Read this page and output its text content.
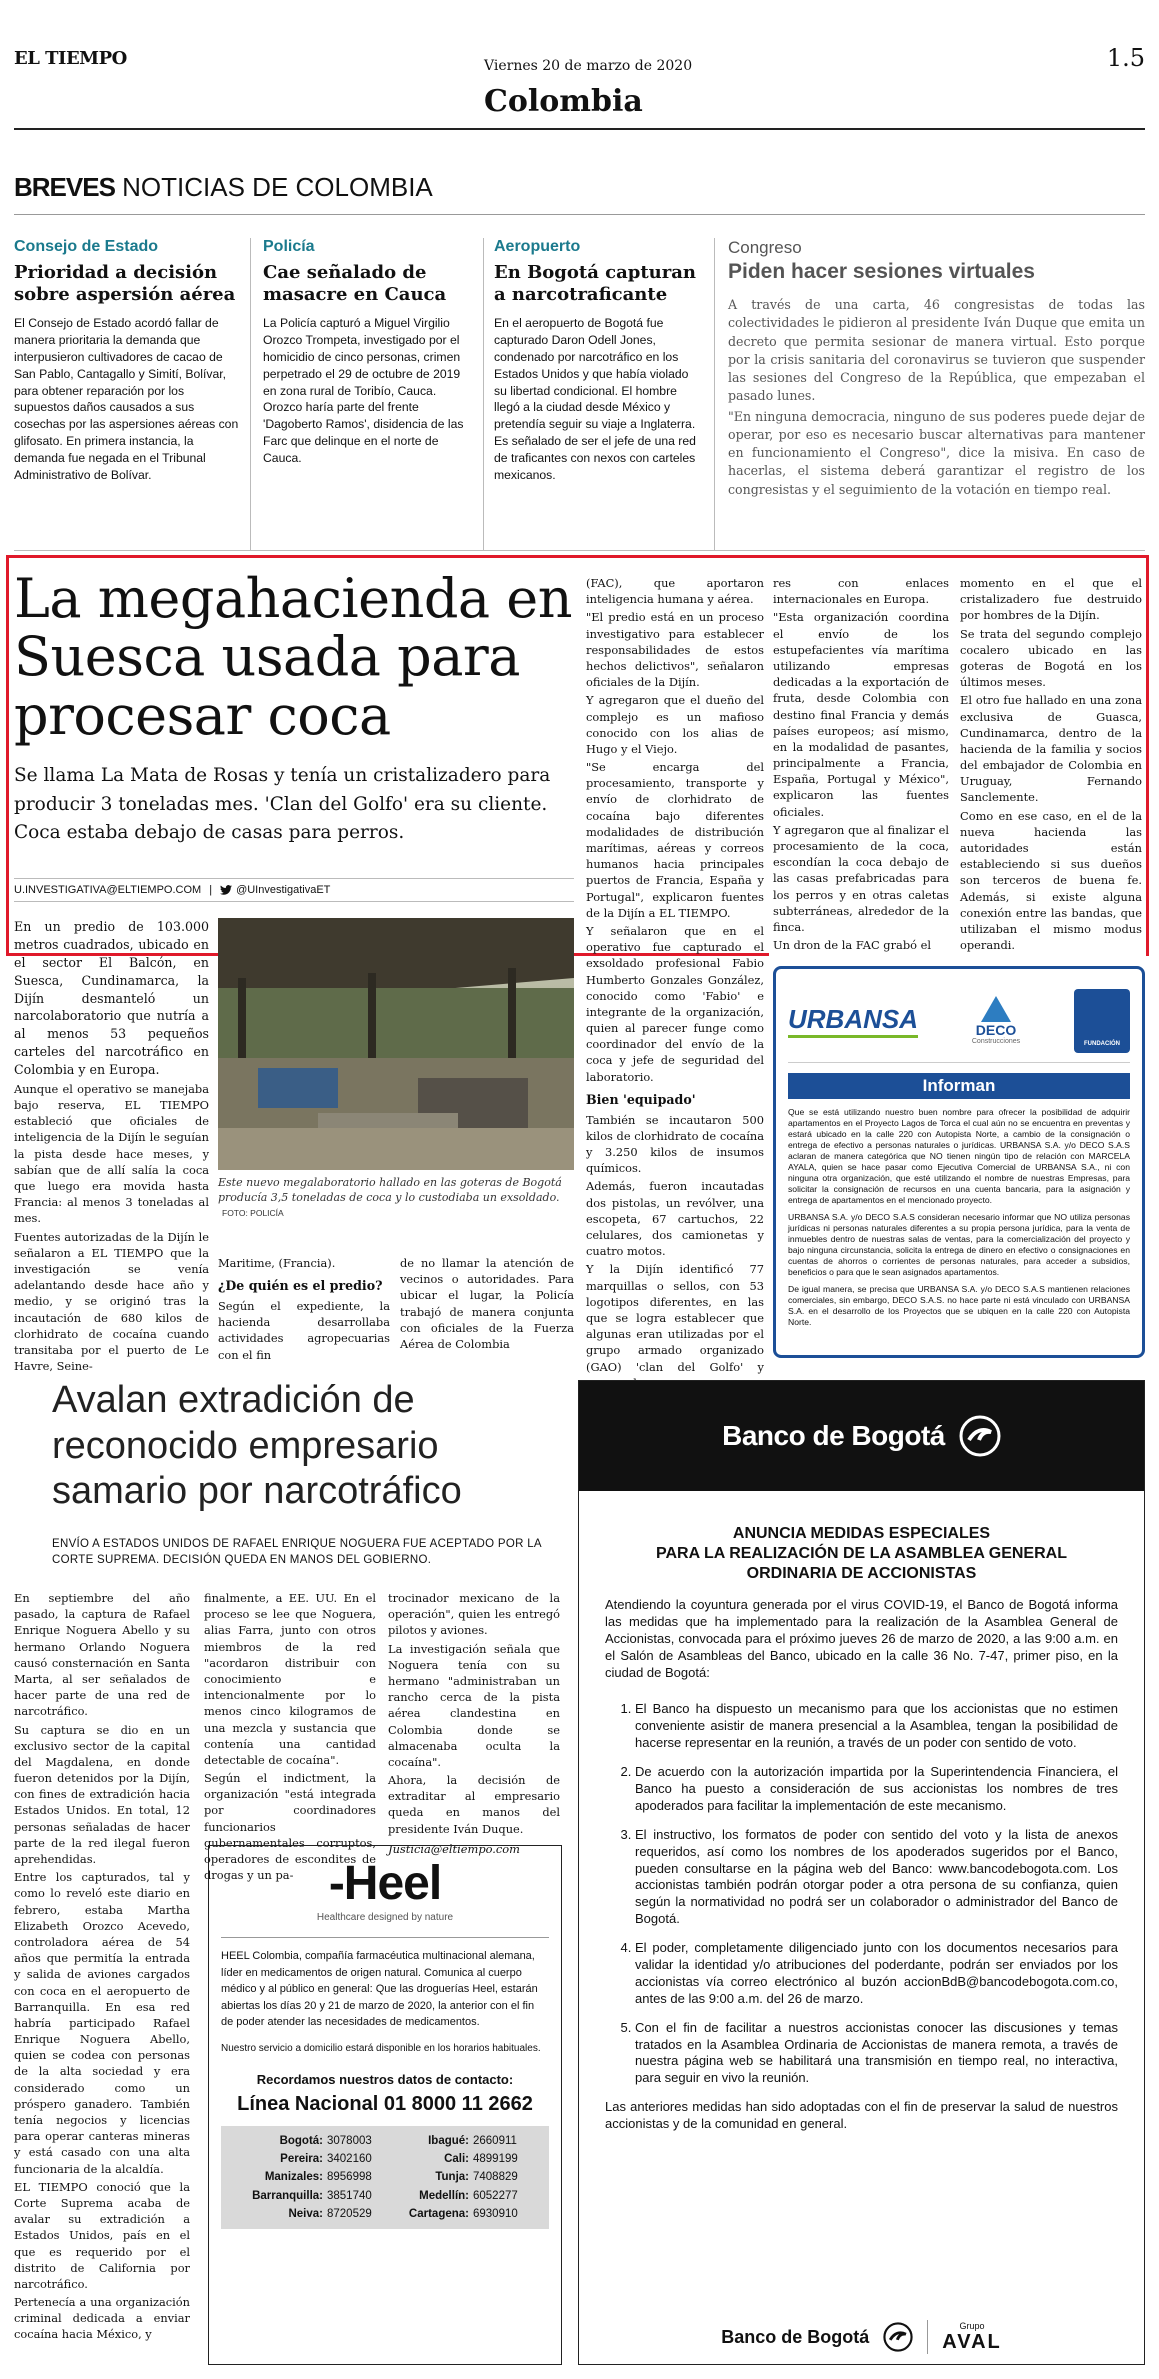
EL TIEMPO	Viernes 20 de marzo de 2020	1.5
Colombia
BREVES NOTICIAS DE COLOMBIA
Consejo de Estado
Prioridad a decisión sobre aspersión aérea
El Consejo de Estado acordó fallar de manera prioritaria la demanda que interpusieron cultivadores de cacao de San Pablo, Cantagallo y Simití, Bolívar, para obtener reparación por los supuestos daños causados a sus cosechas por las aspersiones aéreas con glifosato. En primera instancia, la demanda fue negada en el Tribunal Administrativo de Bolívar.
Policía
Cae señalado de masacre en Cauca
La Policía capturó a Miguel Virgilio Orozco Trompeta, investigado por el homicidio de cinco personas, crimen perpetrado el 29 de octubre de 2019 en zona rural de Toribío, Cauca. Orozco haría parte del frente 'Dagoberto Ramos', disidencia de las Farc que delinque en el norte de Cauca.
Aeropuerto
En Bogotá capturan a narcotraficante
En el aeropuerto de Bogotá fue capturado Daron Odell Jones, condenado por narcotráfico en los Estados Unidos y que había violado su libertad condicional. El hombre llegó a la ciudad desde México y pretendía seguir su viaje a Inglaterra. Es señalado de ser el jefe de una red de traficantes con nexos con carteles mexicanos.
Congreso
Piden hacer sesiones virtuales
A través de una carta, 46 congresistas de todas las colectividades le pidieron al presidente Iván Duque que emita un decreto que permita sesionar de manera virtual. Esto porque por la crisis sanitaria del coronavirus se tuvieron que suspender las sesiones del Congreso de la República, que empezaban el pasado lunes.
"En ninguna democracia, ninguno de sus poderes puede dejar de operar, por eso es necesario buscar alternativas para mantener en funcionamiento el Congreso", dice la misiva. En caso de hacerlas, el sistema deberá garantizar el registro de los congresistas y el seguimiento de la votación en tiempo real.
La megahacienda en Suesca usada para procesar coca
Se llama La Mata de Rosas y tenía un cristalizadero para producir 3 toneladas mes. 'Clan del Golfo' era su cliente. Coca estaba debajo de casas para perros.
U.INVESTIGATIVA@ELTIEMPO.COM | @UInvestigativaET
Este nuevo megalaboratorio hallado en las goteras de Bogotá producía 3,5 toneladas de coca y lo custodiaba un exsoldado. FOTO: POLICÍA

En un predio de 103.000 metros cuadrados, ubicado en el sector El Balcón, en Suesca, Cundinamarca, la Dijín desmanteló un narcolaboratorio que nutría a al menos 53 pequeños carteles del narcotráfico en Colombia y en Europa.

Aunque el operativo se manejaba bajo reserva, EL TIEMPO estableció que oficiales de inteligencia de la Dijín le seguían la pista desde hace meses, y sabían que de allí salía la coca que luego era movida hasta Francia: al menos 3 toneladas al mes.

Fuentes autorizadas de la Dijín le señalaron a EL TIEMPO que la investigación se venía adelantando desde hace año y medio, y se originó tras la incautación de 680 kilos de clorhidrato de cocaína cuando transitaba por el puerto de Le Havre, Seine-

Maritime, (Francia).

¿De quién es el predio?

Según el expediente, la hacienda desarrollaba actividades agropecuarias con el fin

de no llamar la atención de vecinos o autoridades. Para ubicar el lugar, la Policía trabajó de manera conjunta con oficiales de la Fuerza Aérea de Colombia

(FAC), que aportaron inteligencia humana y aérea.

"El predio está en un proceso investigativo para establecer responsabilidades de estos hechos delictivos", señalaron oficiales de la Dijín.

Y agregaron que el dueño del complejo es un mafioso conocido con los alias de Hugo y el Viejo.

"Se encarga del procesamiento, transporte y envío de clorhidrato de cocaína bajo diferentes modalidades de distribución marítimas, aéreas y correos humanos hacia principales puertos de Francia, España y Portugal", explicaron fuentes de la Dijín a EL TIEMPO.

Y señalaron que en el operativo fue capturado el exsoldado profesional Fabio Humberto Gonzales González, conocido como 'Fabio' e integrante de la organización, quien al parecer funge como coordinador del envío de la coca y jefe de seguridad del laboratorio.

Bien 'equipado'

También se incautaron 500 kilos de clorhidrato de cocaína y 3.250 kilos de insumos químicos.

Además, fueron incautadas dos pistolas, un revólver, una escopeta, 67 cartuchos, 22 celulares, dos camionetas y cuatro motos.

Y la Dijín identificó 77 marquillas o sellos, con 53 logotipos diferentes, en las que se logra establecer que algunas eran utilizadas por el grupo armado organizado (GAO) 'clan del Golfo' y

res con enlaces internacionales en Europa.

"Esta organización coordina el envío de los estupefacientes vía marítima utilizando empresas dedicadas a la exportación de fruta, desde Colombia con destino final Francia y demás países europeos; así mismo, en la modalidad de pasantes, principalmente a Francia, España, Portugal y México", explicaron las fuentes oficiales.

Y agregaron que al finalizar el procesamiento de la coca, escondían la coca debajo de las casas prefabricadas para los perros y en otras caletas subterráneas, alrededor de la finca.

Un dron de la FAC grabó el

momento en el que el cristalizadero fue destruido por hombres de la Dijín.

Se trata del segundo complejo cocalero ubicado en las goteras de Bogotá en los últimos meses.

El otro fue hallado en una zona exclusiva de Guasca, Cundinamarca, dentro de la hacienda de la familia y socios del embajador de Colombia en Uruguay, Fernando Sanclemente.

Como en ese caso, en el de la nueva hacienda las autoridades están estableciendo si sus dueños son terceros de buena fe. Además, si existe alguna conexión entre las bandas, que utilizaban el mismo modus operandi.

URBANSA	DECO
Construcciones	FUNDACIÓN
Informan
Que se está utilizando nuestro buen nombre para ofrecer la posibilidad de adquirir apartamentos en el Proyecto Lagos de Torca el cual aún no se encuentra en preventas y estará ubicado en la calle 220 con Autopista Norte, a cambio de la consignación o entrega de efectivo a personas naturales o jurídicas. URBANSA S.A. y/o DECO S.A.S aclaran de manera categórica que NO tienen ningún tipo de relación con MARCELA AYALA, quien se hace pasar como Ejecutiva Comercial de URBANSA S.A., ni con ninguna otra organización, que esté utilizando el nombre de nuestras Empresas, para solicitar la consignación de recursos en una cuenta bancaria, para la asignación y entrega de apartamentos en el mencionado proyecto.
URBANSA S.A. y/o DECO S.A.S consideran necesario informar que NO utiliza personas jurídicas ni personas naturales diferentes a su propia persona jurídica, para la venta de inmuebles dentro de nuestras salas de ventas, para la comercialización del proyecto y bajo ninguna circunstancia, solicita la entrega de dinero en efectivo o consignaciones en cuentas de ahorros o corrientes de personas naturales, para acceder a subsidios, beneficios o para que le sean asignados apartamentos.
De igual manera, se precisa que URBANSA S.A. y/o DECO S.A.S mantienen relaciones comerciales, sin embargo, DECO S.A.S. no hace parte ni está vinculado con URBANSA S.A. en el desarrollo de los Proyectos que se ubiquen en la calle 220 con Autopista Norte.
Avalan extradición de reconocido empresario samario por narcotráfico
ENVÍO A ESTADOS UNIDOS DE RAFAEL ENRIQUE NOGUERA FUE ACEPTADO POR LA CORTE SUPREMA. DECISIÓN QUEDA EN MANOS DEL GOBIERNO.

En septiembre del año pasado, la captura de Rafael Enrique Noguera Abello y su hermano Orlando Noguera causó consternación en Santa Marta, al ser señalados de hacer parte de una red de narcotráfico.

Su captura se dio en un exclusivo sector de la capital del Magdalena, en donde fueron detenidos por la Dijín, con fines de extradición hacia Estados Unidos. En total, 12 personas señaladas de hacer parte de la red ilegal fueron aprehendidas.

Entre los capturados, tal y como lo reveló este diario en febrero, estaba Martha Elizabeth Orozco Acevedo, controladora aérea de 54 años que permitía la entrada y salida de aviones cargados con coca en el aeropuerto de Barranquilla. En esa red habría participado Rafael Enrique Noguera Abello, quien se codea con personas de la alta sociedad y era considerado como un próspero ganadero. También tenía negocios y licencias para operar canteras mineras y está casado con una alta funcionaria de la alcaldía.

EL TIEMPO conoció que la Corte Suprema acaba de avalar su extradición a Estados Unidos, país en el que es requerido por el distrito de California por narcotráfico.

Pertenecía a una organización criminal dedicada a enviar cocaína hacia México, y

finalmente, a EE. UU. En el proceso se lee que Noguera, alias Farra, junto con otros miembros de la red "acordaron distribuir con conocimiento e intencionalmente por lo menos cinco kilogramos de una mezcla y sustancia que contenía una cantidad detectable de cocaína".

Según el indictment, la organización "está integrada por coordinadores funcionarios gubernamentales corruptos, operadores de escondites de drogas y un pa-

trocinador mexicano de la operación", quien les entregó pilotos y aviones.

La investigación señala que Noguera tenía con su hermano "administraban un rancho cerca de la pista aérea clandestina en Colombia donde se almacenaba oculta la cocaína".

Ahora, la decisión de extraditar al empresario queda en manos del presidente Iván Duque.

Justicia@eltiempo.com

-Heel
Healthcare designed by nature
HEEL Colombia, compañía farmacéutica multinacional alemana, líder en medicamentos de origen natural. Comunica al cuerpo médico y al público en general: Que las droguerías Heel, estarán abiertas los días 20 y 21 de marzo de 2020, la anterior con el fin de poder atender las necesidades de medicamentos.
Nuestro servicio a domicilio estará disponible en los horarios habituales.
Recordamos nuestros datos de contacto:
Línea Nacional 01 8000 11 2662
Bogotá: 3078003	Ibagué: 2660911
Pereira: 3402160	Cali: 4899199
Manizales: 8956998	Tunja: 7408829
Barranquilla: 3851740	Medellín: 6052277
Neiva: 8720529	Cartagena: 6930910
Banco de Bogotá
ANUNCIA MEDIDAS ESPECIALES
PARA LA REALIZACIÓN DE LA ASAMBLEA GENERAL
ORDINARIA DE ACCIONISTAS
Atendiendo la coyuntura generada por el virus COVID-19, el Banco de Bogotá informa las medidas que ha implementado para la realización de la Asamblea General de Accionistas, convocada para el próximo jueves 26 de marzo de 2020, a las 9:00 a.m. en el Salón de Asambleas del Banco, ubicado en la calle 36 No. 7-47, primer piso, en la ciudad de Bogotá:
1. El Banco ha dispuesto un mecanismo para que los accionistas que no estimen conveniente asistir de manera presencial a la Asamblea, tengan la posibilidad de hacerse representar en la reunión, a través de un poder con sentido de voto.
2. De acuerdo con la autorización impartida por la Superintendencia Financiera, el Banco ha puesto a consideración de sus accionistas los nombres de tres apoderados para facilitar la implementación de este mecanismo.
3. El instructivo, los formatos de poder con sentido del voto y la lista de anexos requeridos, así como los nombres de los apoderados sugeridos por el Banco, pueden consultarse en la página web del Banco: www.bancodebogota.com. Los accionistas también podrán otorgar poder a otra persona de su confianza, quien según la normatividad no podrá ser un colaborador o administrador del Banco de Bogotá.
4. El poder, completamente diligenciado junto con los documentos necesarios para validar la identidad y/o atribuciones del poderdante, podrán ser enviados por los accionistas vía correo electrónico al buzón accionBdB@bancodebogota.com.co, antes de las 9:00 a.m. del 26 de marzo.
5. Con el fin de facilitar a nuestros accionistas conocer las discusiones y temas tratados en la Asamblea Ordinaria de Accionistas de manera remota, a través de nuestra página web se habilitará una transmisión en tiempo real, no interactiva, para seguir en vivo la reunión.
Las anteriores medidas han sido adoptadas con el fin de preservar la salud de nuestros accionistas y de la comunidad en general.
Banco de Bogotá
Grupo
AVAL
